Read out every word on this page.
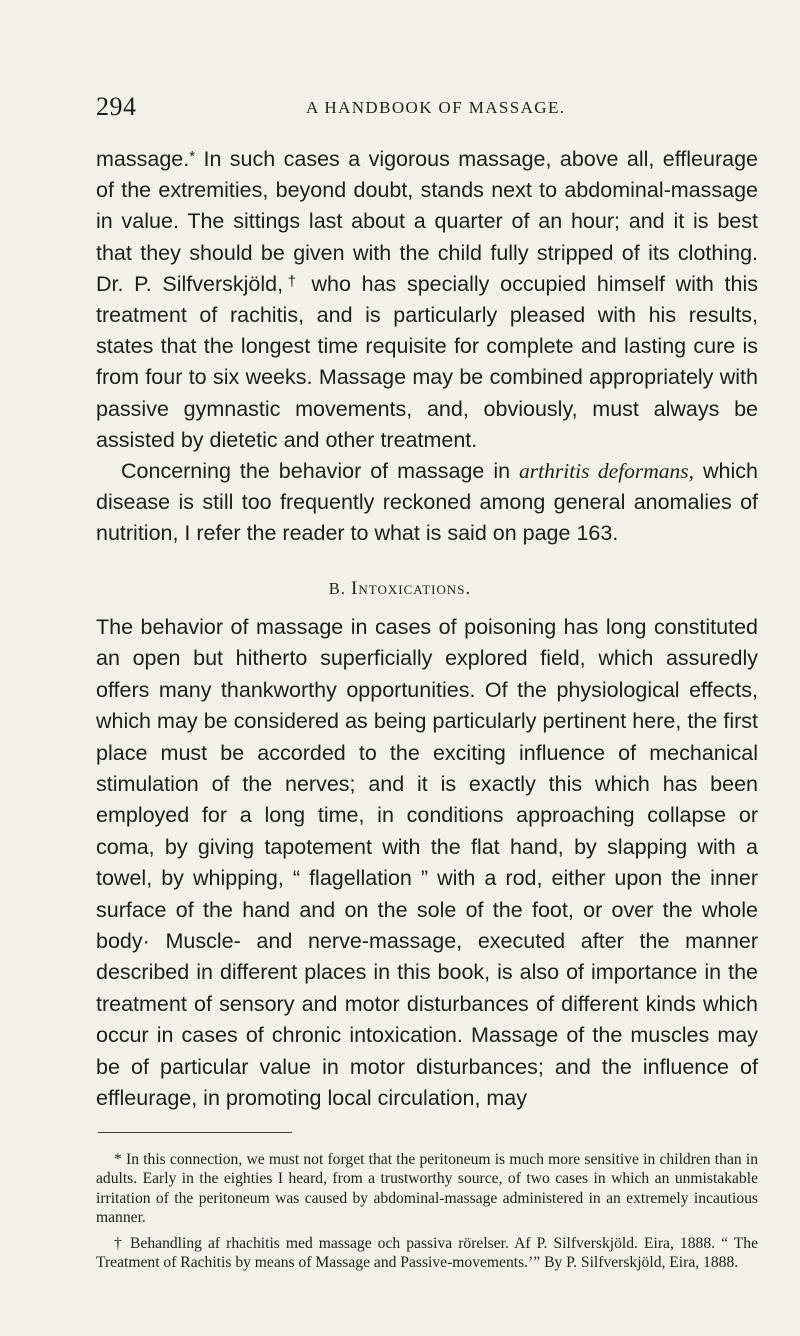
294	A HANDBOOK OF MASSAGE.

massage.* In such cases a vigorous massage, above all, effleurage of the extremities, beyond doubt, stands next to abdominal-massage in value. The sittings last about a quarter of an hour; and it is best that they should be given with the child fully stripped of its clothing. Dr. P. Silfverskjöld,† who has specially occupied himself with this treatment of rachitis, and is particularly pleased with his results, states that the longest time requisite for complete and lasting cure is from four to six weeks. Massage may be combined appropriately with passive gymnastic movements, and, obviously, must always be assisted by dietetic and other treatment.

Concerning the behavior of massage in arthritis deformans, which disease is still too frequently reckoned among general anomalies of nutrition, I refer the reader to what is said on page 163.

B. Intoxications.

The behavior of massage in cases of poisoning has long constituted an open but hitherto superficially explored field, which assuredly offers many thankworthy opportunities. Of the physiological effects, which may be considered as being particularly pertinent here, the first place must be accorded to the exciting influence of mechanical stimulation of the nerves; and it is exactly this which has been employed for a long time, in conditions approaching collapse or coma, by giving tapotement with the flat hand, by slapping with a towel, by whipping, “ flagellation ” with a rod, either upon the inner surface of the hand and on the sole of the foot, or over the whole body· Muscle- and nerve-massage, executed after the manner described in different places in this book, is also of importance in the treatment of sensory and motor disturbances of different kinds which occur in cases of chronic intoxication. Massage of the muscles may be of particular value in motor disturbances; and the influence of effleurage, in promoting local circulation, may

* In this connection, we must not forget that the peritoneum is much more sensitive in children than in adults. Early in the eighties I heard, from a trustworthy source, of two cases in which an unmistakable irritation of the peritoneum was caused by abdominal-massage administered in an extremely incautious manner.

† Behandling af rhachitis med massage och passiva rörelser. Af P. Silfverskjöld. Eira, 1888. “ The Treatment of Rachitis by means of Massage and Passive-movements.’” By P. Silfverskjöld, Eira, 1888.
